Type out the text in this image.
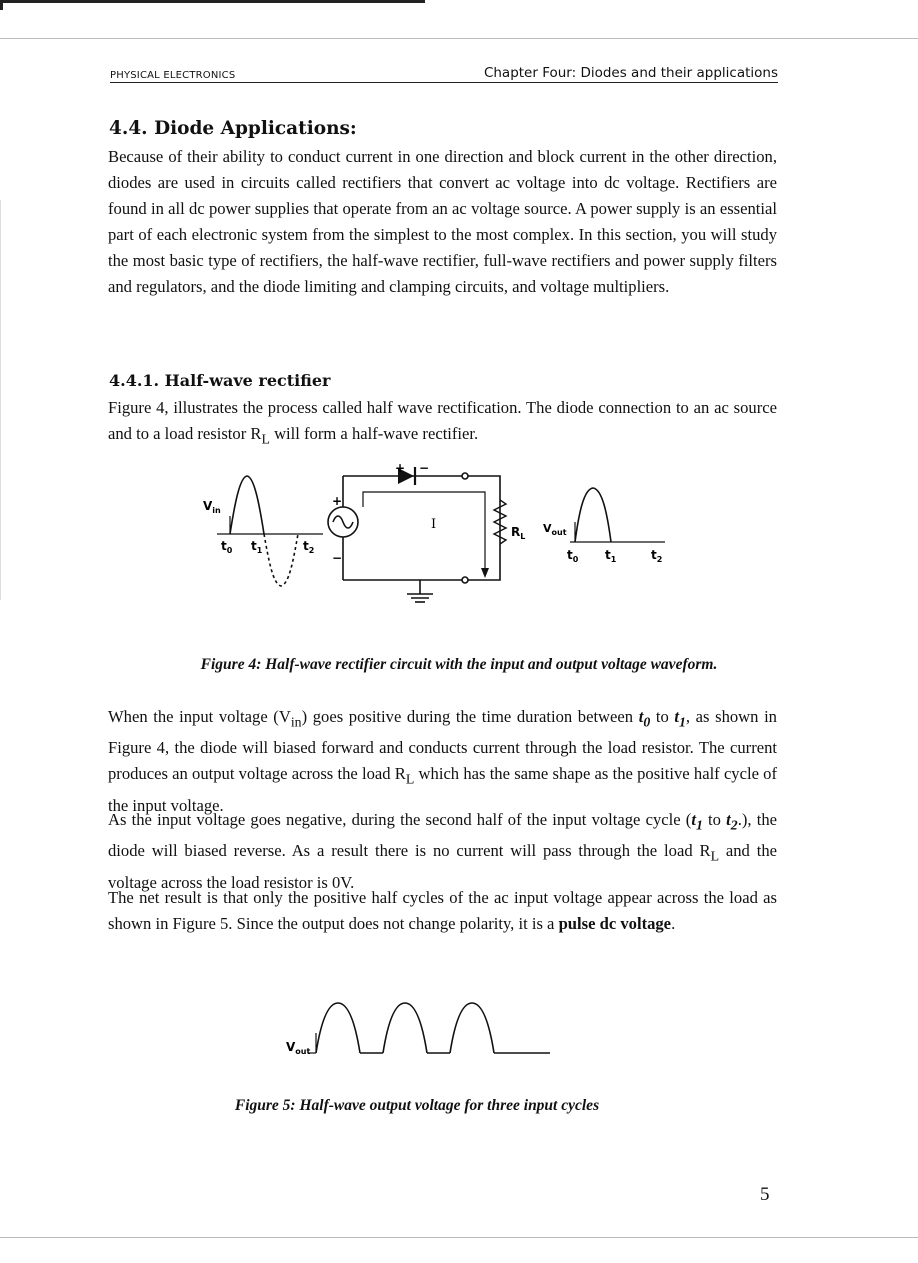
PHYSICAL ELECTRONICS	Chapter Four: Diodes and their applications
4.4. Diode Applications:

Because of their ability to conduct current in one direction and block current in the other direction, diodes are used in circuits called rectifiers that convert ac voltage into dc voltage. Rectifiers are found in all dc power supplies that operate from an ac voltage source. A power supply is an essential part of each electronic system from the simplest to the most complex. In this section, you will study the most basic type of rectifiers, the half-wave rectifier, full-wave rectifiers and power supply filters and regulators, and the diode limiting and clamping circuits, and voltage multipliers.

4.4.1. Half-wave rectifier

Figure 4, illustrates the process called half wave rectification. The diode connection to an ac source and to a load resistor $R_L$ will form a half-wave rectifier.

$V_{in}$
$t_0$ $t_1$	$t_2$
+ −
+
−
I	$R_L$
$V_{out}$
$t_0$ $t_1$	$t_2$

Figure 4: Half-wave rectifier circuit with the input and output voltage waveform.

When the input voltage $(V_{in})$ goes positive during the time duration between $t_0$ to $t_1$, as shown in Figure 4, the diode will biased forward and conducts current through the load resistor. The current produces an output voltage across the load $R_L$ which has the same shape as the positive half cycle of the input voltage.

As the input voltage goes negative, during the second half of the input voltage cycle ($t_1$ to $t_2$.), the diode will biased reverse. As a result there is no current will pass through the load $R_L$ and the voltage across the load resistor is 0V.

The net result is that only the positive half cycles of the ac input voltage appear across the load as shown in Figure 5. Since the output does not change polarity, it is a pulse dc voltage.

$V_{out}$

Figure 5: Half-wave output voltage for three input cycles

5
